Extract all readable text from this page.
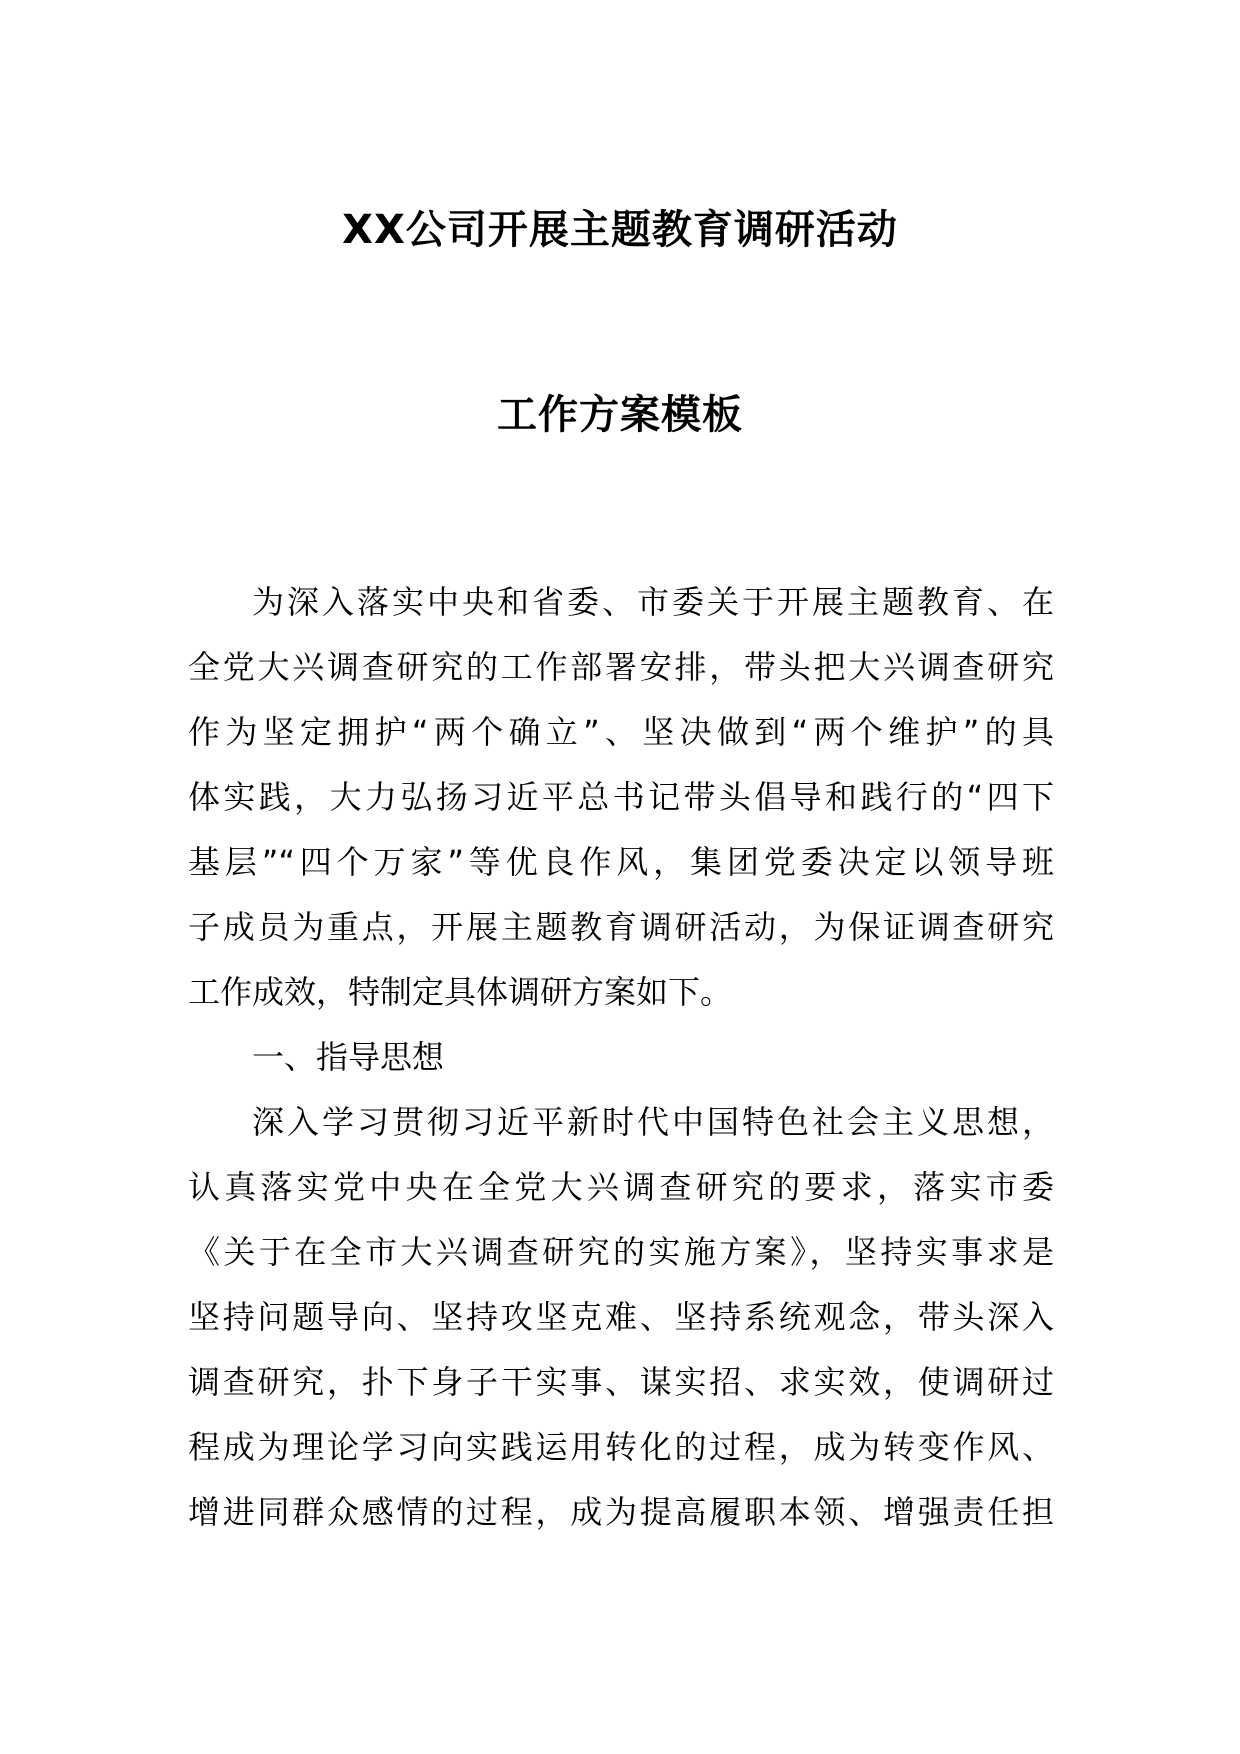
XX公司开展主题教育调研活动
工作方案模板
为深入落实中央和省委、市委关于开展主题教育、在
全党大兴调查研究的工作部署安排，带头把大兴调查研究
作为坚定拥护“两个确立”、坚决做到“两个维护”的具
体实践，大力弘扬习近平总书记带头倡导和践行的“四下
基层”“四个万家”等优良作风，集团党委决定以领导班
子成员为重点，开展主题教育调研活动，为保证调查研究
工作成效，特制定具体调研方案如下。
一、指导思想
深入学习贯彻习近平新时代中国特色社会主义思想，
认真落实党中央在全党大兴调查研究的要求，落实市委
《关于在全市大兴调查研究的实施方案》，坚持实事求是
坚持问题导向、坚持攻坚克难、坚持系统观念，带头深入
调查研究，扑下身子干实事、谋实招、求实效，使调研过
程成为理论学习向实践运用转化的过程，成为转变作风、
增进同群众感情的过程，成为提高履职本领、增强责任担
